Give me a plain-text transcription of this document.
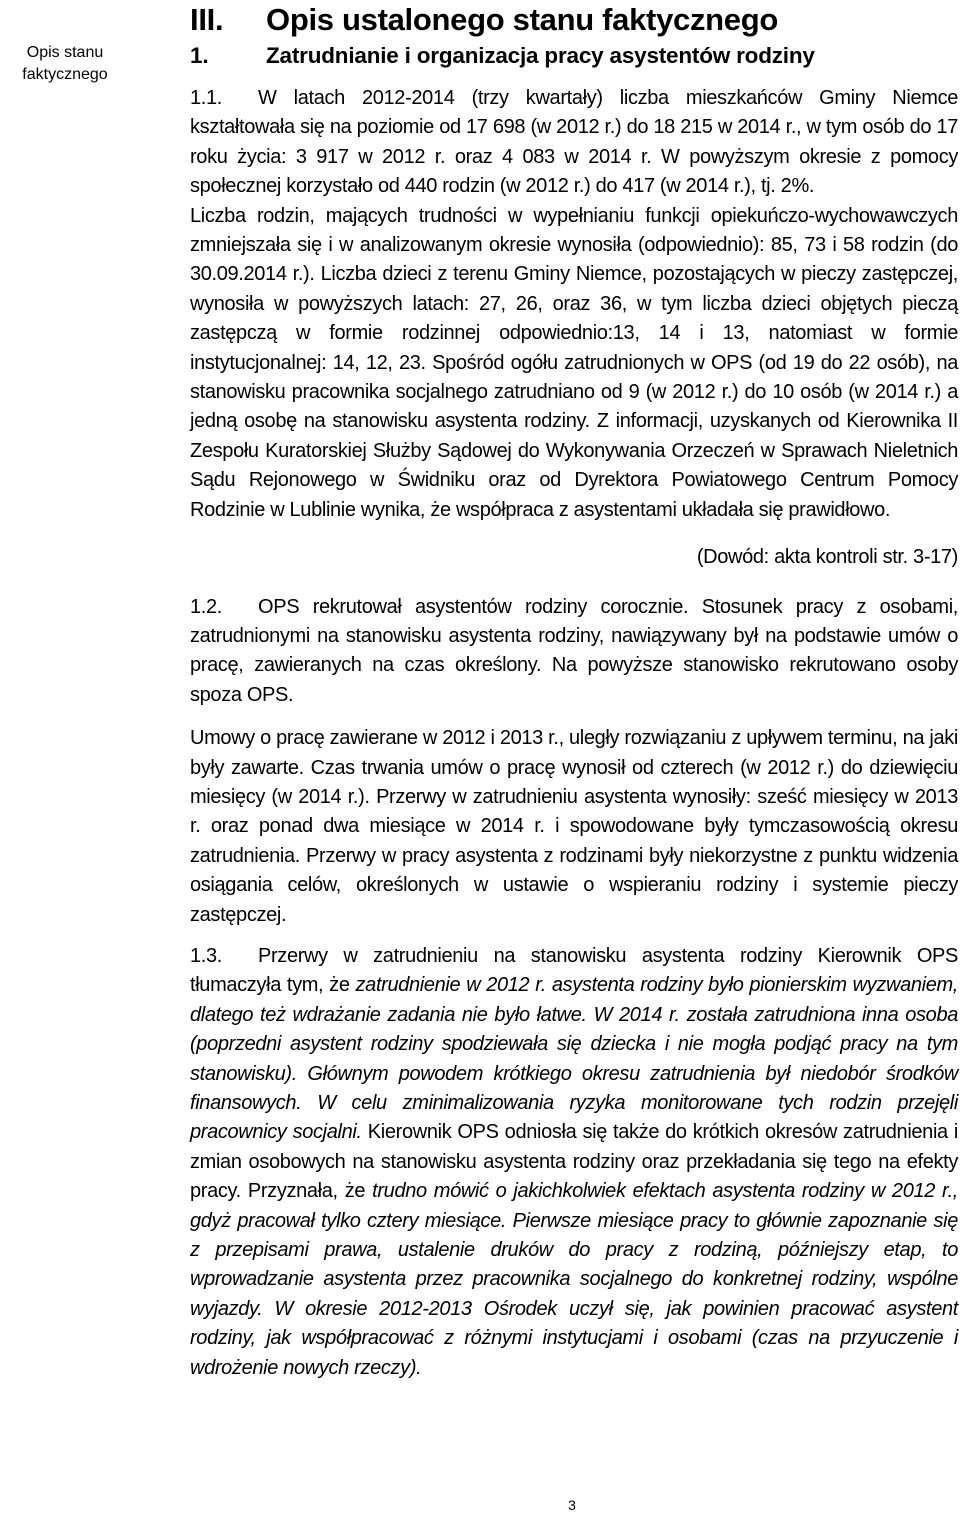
Opis stanu
faktycznego
III. Opis ustalonego stanu faktycznego
1.	Zatrudnianie i organizacja pracy asystentów rodziny

1.1. W latach 2012-2014 (trzy kwartały) liczba mieszkańców Gminy Niemce kształtowała się na poziomie od 17 698 (w 2012 r.) do 18 215 w 2014 r., w tym osób do 17 roku życia: 3 917 w 2012 r. oraz 4 083 w 2014 r. W powyższym okresie z pomocy społecznej korzystało od 440 rodzin (w 2012 r.) do 417 (w 2014 r.), tj. 2%.

Liczba rodzin, mających trudności w wypełnianiu funkcji opiekuńczo-wychowawczych zmniejszała się i w analizowanym okresie wynosiła (odpowiednio): 85, 73 i 58 rodzin (do 30.09.2014 r.). Liczba dzieci z terenu Gminy Niemce, pozostających w pieczy zastępczej, wynosiła w powyższych latach: 27, 26, oraz 36, w tym liczba dzieci objętych pieczą zastępczą w formie rodzinnej odpowiednio:13, 14 i 13, natomiast w formie instytucjonalnej: 14, 12, 23. Spośród ogółu zatrudnionych w OPS (od 19 do 22 osób), na stanowisku pracownika socjalnego zatrudniano od 9 (w 2012 r.) do 10 osób (w 2014 r.) a jedną osobę na stanowisku asystenta rodziny. Z informacji, uzyskanych od Kierownika II Zespołu Kuratorskiej Służby Sądowej do Wykonywania Orzeczeń w Sprawach Nieletnich Sądu Rejonowego w Świdniku oraz od Dyrektora Powiatowego Centrum Pomocy Rodzinie w Lublinie wynika, że współpraca z asystentami układała się prawidłowo.

(Dowód: akta kontroli str. 3-17)

1.2. OPS rekrutował asystentów rodziny corocznie. Stosunek pracy z osobami, zatrudnionymi na stanowisku asystenta rodziny, nawiązywany był na podstawie umów o pracę, zawieranych na czas określony. Na powyższe stanowisko rekrutowano osoby spoza OPS.

Umowy o pracę zawierane w 2012 i 2013 r., uległy rozwiązaniu z upływem terminu, na jaki były zawarte. Czas trwania umów o pracę wynosił od czterech (w 2012 r.) do dziewięciu miesięcy (w 2014 r.). Przerwy w zatrudnieniu asystenta wynosiły: sześć miesięcy w 2013 r. oraz ponad dwa miesiące w 2014 r. i spowodowane były tymczasowością okresu zatrudnienia. Przerwy w pracy asystenta z rodzinami były niekorzystne z punktu widzenia osiągania celów, określonych w ustawie o wspieraniu rodziny i systemie pieczy zastępczej.

1.3. Przerwy w zatrudnieniu na stanowisku asystenta rodziny Kierownik OPS tłumaczyła tym, że zatrudnienie w 2012 r. asystenta rodziny było pionierskim wyzwaniem, dlatego też wdrażanie zadania nie było łatwe. W 2014 r. została zatrudniona inna osoba (poprzedni asystent rodziny spodziewała się dziecka i nie mogła podjąć pracy na tym stanowisku). Głównym powodem krótkiego okresu zatrudnienia był niedobór środków finansowych. W celu zminimalizowania ryzyka monitorowane tych rodzin przejęli pracownicy socjalni. Kierownik OPS odniosła się także do krótkich okresów zatrudnienia i zmian osobowych na stanowisku asystenta rodziny oraz przekładania się tego na efekty pracy. Przyznała, że trudno mówić o jakichkolwiek efektach asystenta rodziny w 2012 r., gdyż pracował tylko cztery miesiące. Pierwsze miesiące pracy to głównie zapoznanie się z przepisami prawa, ustalenie druków do pracy z rodziną, późniejszy etap, to wprowadzanie asystenta przez pracownika socjalnego do konkretnej rodziny, wspólne wyjazdy. W okresie 2012-2013 Ośrodek uczył się, jak powinien pracować asystent rodziny, jak współpracować z różnymi instytucjami i osobami (czas na przyuczenie i wdrożenie nowych rzeczy).

3
